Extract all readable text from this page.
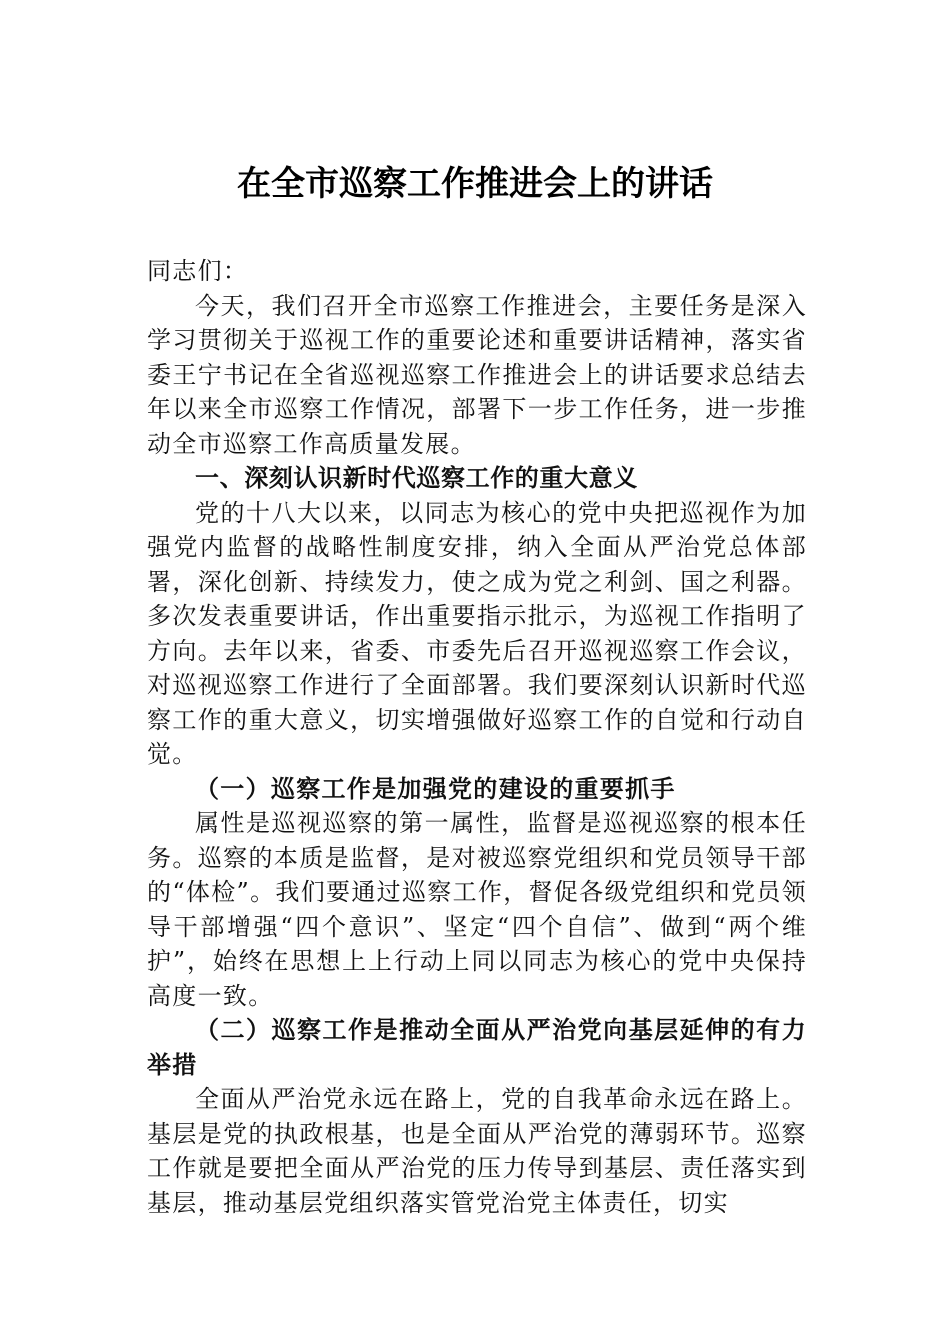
在全市巡察工作推进会上的讲话

同志们：

今天，我们召开全市巡察工作推进会，主要任务是深入学习贯彻关于巡视工作的重要论述和重要讲话精神，落实省委王宁书记在全省巡视巡察工作推进会上的讲话要求总结去年以来全市巡察工作情况，部署下一步工作任务，进一步推动全市巡察工作高质量发展。

一、深刻认识新时代巡察工作的重大意义

党的十八大以来，以同志为核心的党中央把巡视作为加强党内监督的战略性制度安排，纳入全面从严治党总体部署，深化创新、持续发力，使之成为党之利剑、国之利器。多次发表重要讲话，作出重要指示批示，为巡视工作指明了方向。去年以来，省委、市委先后召开巡视巡察工作会议，对巡视巡察工作进行了全面部署。我们要深刻认识新时代巡察工作的重大意义，切实增强做好巡察工作的自觉和行动自觉。

（一）巡察工作是加强党的建设的重要抓手

属性是巡视巡察的第一属性，监督是巡视巡察的根本任务。巡察的本质是监督，是对被巡察党组织和党员领导干部的“体检”。我们要通过巡察工作，督促各级党组织和党员领导干部增强“四个意识”、坚定“四个自信”、做到“两个维护”，始终在思想上上行动上同以同志为核心的党中央保持高度一致。

（二）巡察工作是推动全面从严治党向基层延伸的有力举措

全面从严治党永远在路上，党的自我革命永远在路上。基层是党的执政根基，也是全面从严治党的薄弱环节。巡察工作就是要把全面从严治党的压力传导到基层、责任落实到基层，推动基层党组织落实管党治党主体责任，切实
